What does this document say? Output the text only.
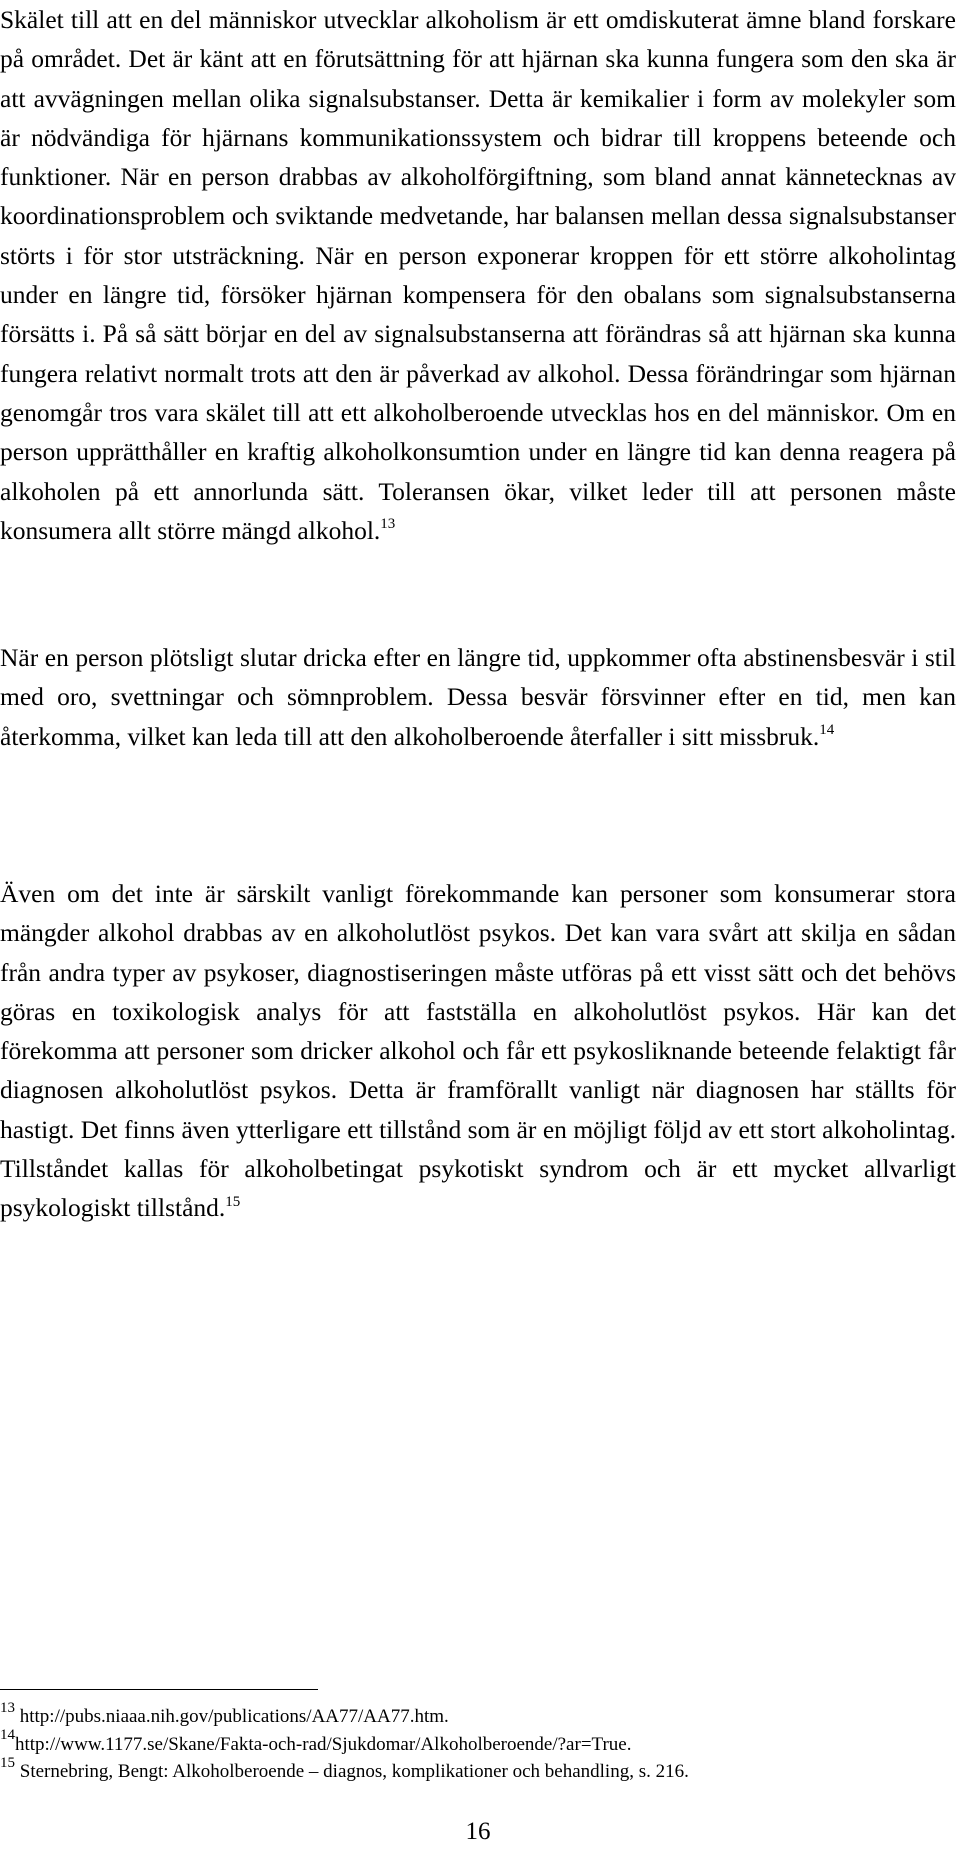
Skälet till att en del människor utvecklar alkoholism är ett omdiskuterat ämne bland forskare på området. Det är känt att en förutsättning för att hjärnan ska kunna fungera som den ska är att avvägningen mellan olika signalsubstanser. Detta är kemikalier i form av molekyler som är nödvändiga för hjärnans kommunikationssystem och bidrar till kroppens beteende och funktioner. När en person drabbas av alkoholförgiftning, som bland annat kännetecknas av koordinationsproblem och sviktande medvetande, har balansen mellan dessa signalsubstanser störts i för stor utsträckning. När en person exponerar kroppen för ett större alkoholintag under en längre tid, försöker hjärnan kompensera för den obalans som signalsubstanserna försätts i. På så sätt börjar en del av signalsubstanserna att förändras så att hjärnan ska kunna fungera relativt normalt trots att den är påverkad av alkohol. Dessa förändringar som hjärnan genomgår tros vara skälet till att ett alkoholberoende utvecklas hos en del människor. Om en person upprätthåller en kraftig alkoholkonsumtion under en längre tid kan denna reagera på alkoholen på ett annorlunda sätt. Toleransen ökar, vilket leder till att personen måste konsumera allt större mängd alkohol.$^{13}$

När en person plötsligt slutar dricka efter en längre tid, uppkommer ofta abstinensbesvär i stil med oro, svettningar och sömnproblem. Dessa besvär försvinner efter en tid, men kan återkomma, vilket kan leda till att den alkoholberoende återfaller i sitt missbruk.$^{14}$

Även om det inte är särskilt vanligt förekommande kan personer som konsumerar stora mängder alkohol drabbas av en alkoholutlöst psykos. Det kan vara svårt att skilja en sådan från andra typer av psykoser, diagnostiseringen måste utföras på ett visst sätt och det behövs göras en toxikologisk analys för att fastställa en alkoholutlöst psykos. Här kan det förekomma att personer som dricker alkohol och får ett psykosliknande beteende felaktigt får diagnosen alkoholutlöst psykos. Detta är framförallt vanligt när diagnosen har ställts för hastigt. Det finns även ytterligare ett tillstånd som är en möjligt följd av ett stort alkoholintag. Tillståndet kallas för alkoholbetingat psykotiskt syndrom och är ett mycket allvarligt psykologiskt tillstånd.$^{15}$

$^{13}$ http://pubs.niaaa.nih.gov/publications/AA77/AA77.htm.
$^{14}$http://www.1177.se/Skane/Fakta-och-rad/Sjukdomar/Alkoholberoende/?ar=True.
$^{15}$ Sternebring, Bengt: Alkoholberoende – diagnos, komplikationer och behandling, s. 216.
16
